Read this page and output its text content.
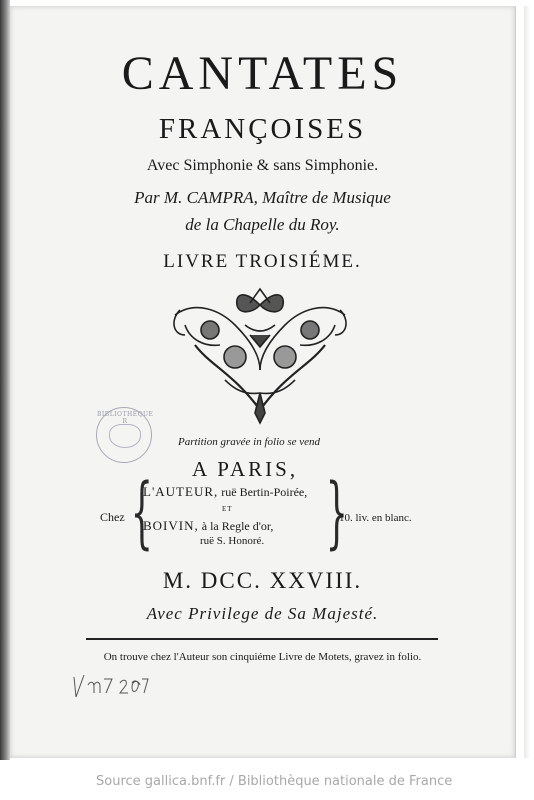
CANTATES
FRANÇOISES
Avec Simphonie & sans Simphonie.
Par M. CAMPRA, Maître de Musique
de la Chapelle du Roy.
LIVRE TROISIÉME.
BIBLIOTHÈQUE R
Partition gravée in folio se vend
A PARIS,
Chez { }
L'AUTEUR, ruë Bertin-Poirée,
ET
BOIVIN, à la Regle d'or,
ruë S. Honoré.
10. liv. en blanc.
M. DCC. XXVIII.
Avec Privilege de Sa Majesté.
On trouve chez l'Auteur son cinquiéme Livre de Motets, gravez in folio.
Source gallica.bnf.fr / Bibliothèque nationale de France
